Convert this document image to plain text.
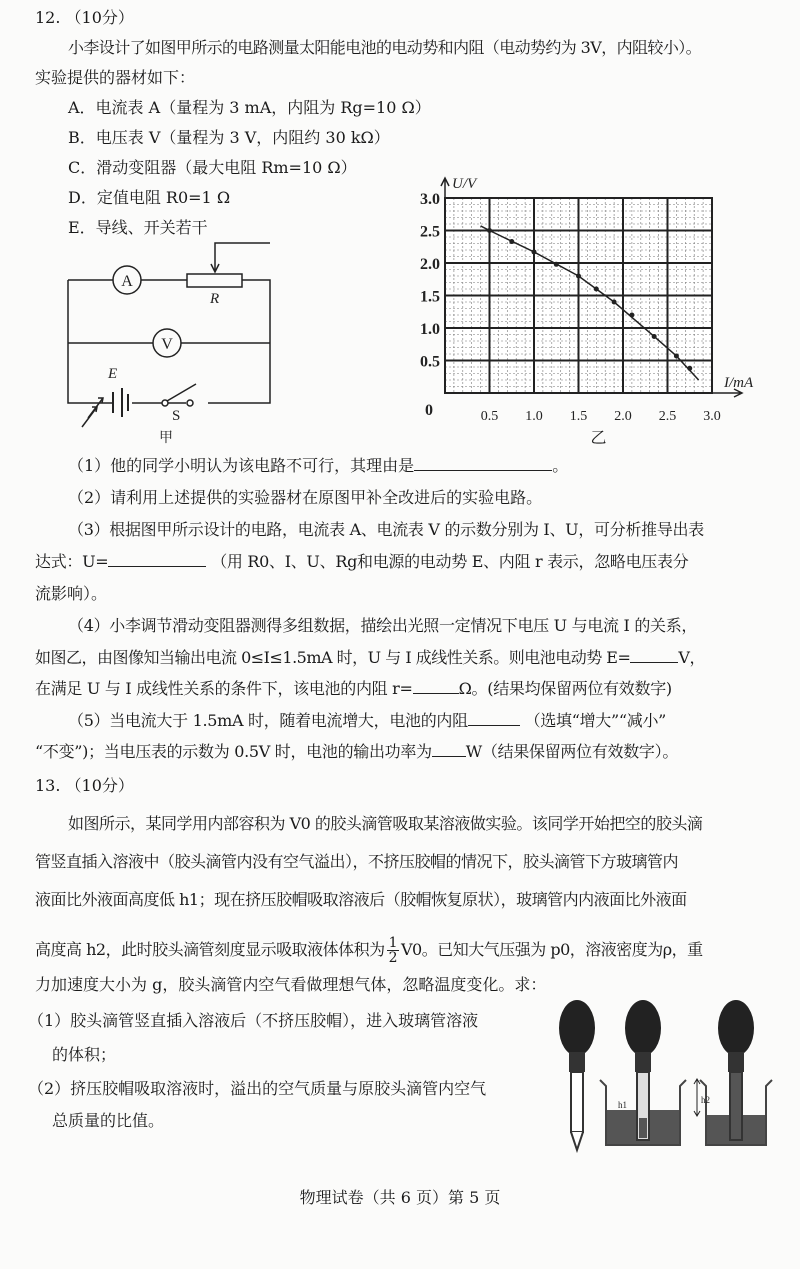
12. （10分）
小李设计了如图甲所示的电路测量太阳能电池的电动势和内阻（电动势约为 3V，内阻较小）。
实验提供的器材如下：
A．电流表 A（量程为 3 mA，内阻为 Rg=10 Ω）
B．电压表 V（量程为 3 V，内阻约 30 kΩ）
C．滑动变阻器（最大电阻 Rm=10 Ω）
D．定值电阻 R0=1 Ω
E．导线、开关若干
A
V
R
E
S
甲
0.5 1.0 1.5 2.0 2.5 3.0
0.5
1.0
1.5
2.0
2.5
3.0
U/V
I/mA
0
乙
（1）他的同学小明认为该电路不可行，其理由是	。
（2）请利用上述提供的实验器材在原图甲补全改进后的实验电路。
（3）根据图甲所示设计的电路，电流表 A、电流表 V 的示数分别为 I、U，可分析推导出表
达式：U=	（用 R0、I、U、Rg和电源的电动势 E、内阻 r 表示，忽略电压表分
流影响）。
（4）小李调节滑动变阻器测得多组数据，描绘出光照一定情况下电压 U 与电流 I 的关系，
如图乙，由图像知当输出电流 0≤I≤1.5mA 时，U 与 I 成线性关系。则电池电动势 E=	V，
在满足 U 与 I 成线性关系的条件下，该电池的内阻 r=	Ω。(结果均保留两位有效数字)
（5）当电流大于 1.5mA 时，随着电流增大，电池的内阻	（选填“增大”“减小”
“不变”)；当电压表的示数为 0.5V 时，电池的输出功率为 W（结果保留两位有效数字）。
13. （10分）
如图所示，某同学用内部容积为 V0 的胶头滴管吸取某溶液做实验。该同学开始把空的胶头滴
管竖直插入溶液中（胶头滴管内没有空气溢出），不挤压胶帽的情况下，胶头滴管下方玻璃管内
液面比外液面高度低 h1；现在挤压胶帽吸取溶液后（胶帽恢复原状），玻璃管内内液面比外液面
高度高 h2，此时胶头滴管刻度显示吸取液体体积为 $\frac{1}{2} V0$。已知大气压强为 p0，溶液密度为ρ，重
力加速度大小为 g，胶头滴管内空气看做理想气体，忽略温度变化。求：
（1）胶头滴管竖直插入溶液后（不挤压胶帽），进入玻璃管溶液
的体积；
（2）挤压胶帽吸取溶液时，溢出的空气质量与原胶头滴管内空气
总质量的比值。
h1	h2
物理试卷（共 6 页）第 5 页
